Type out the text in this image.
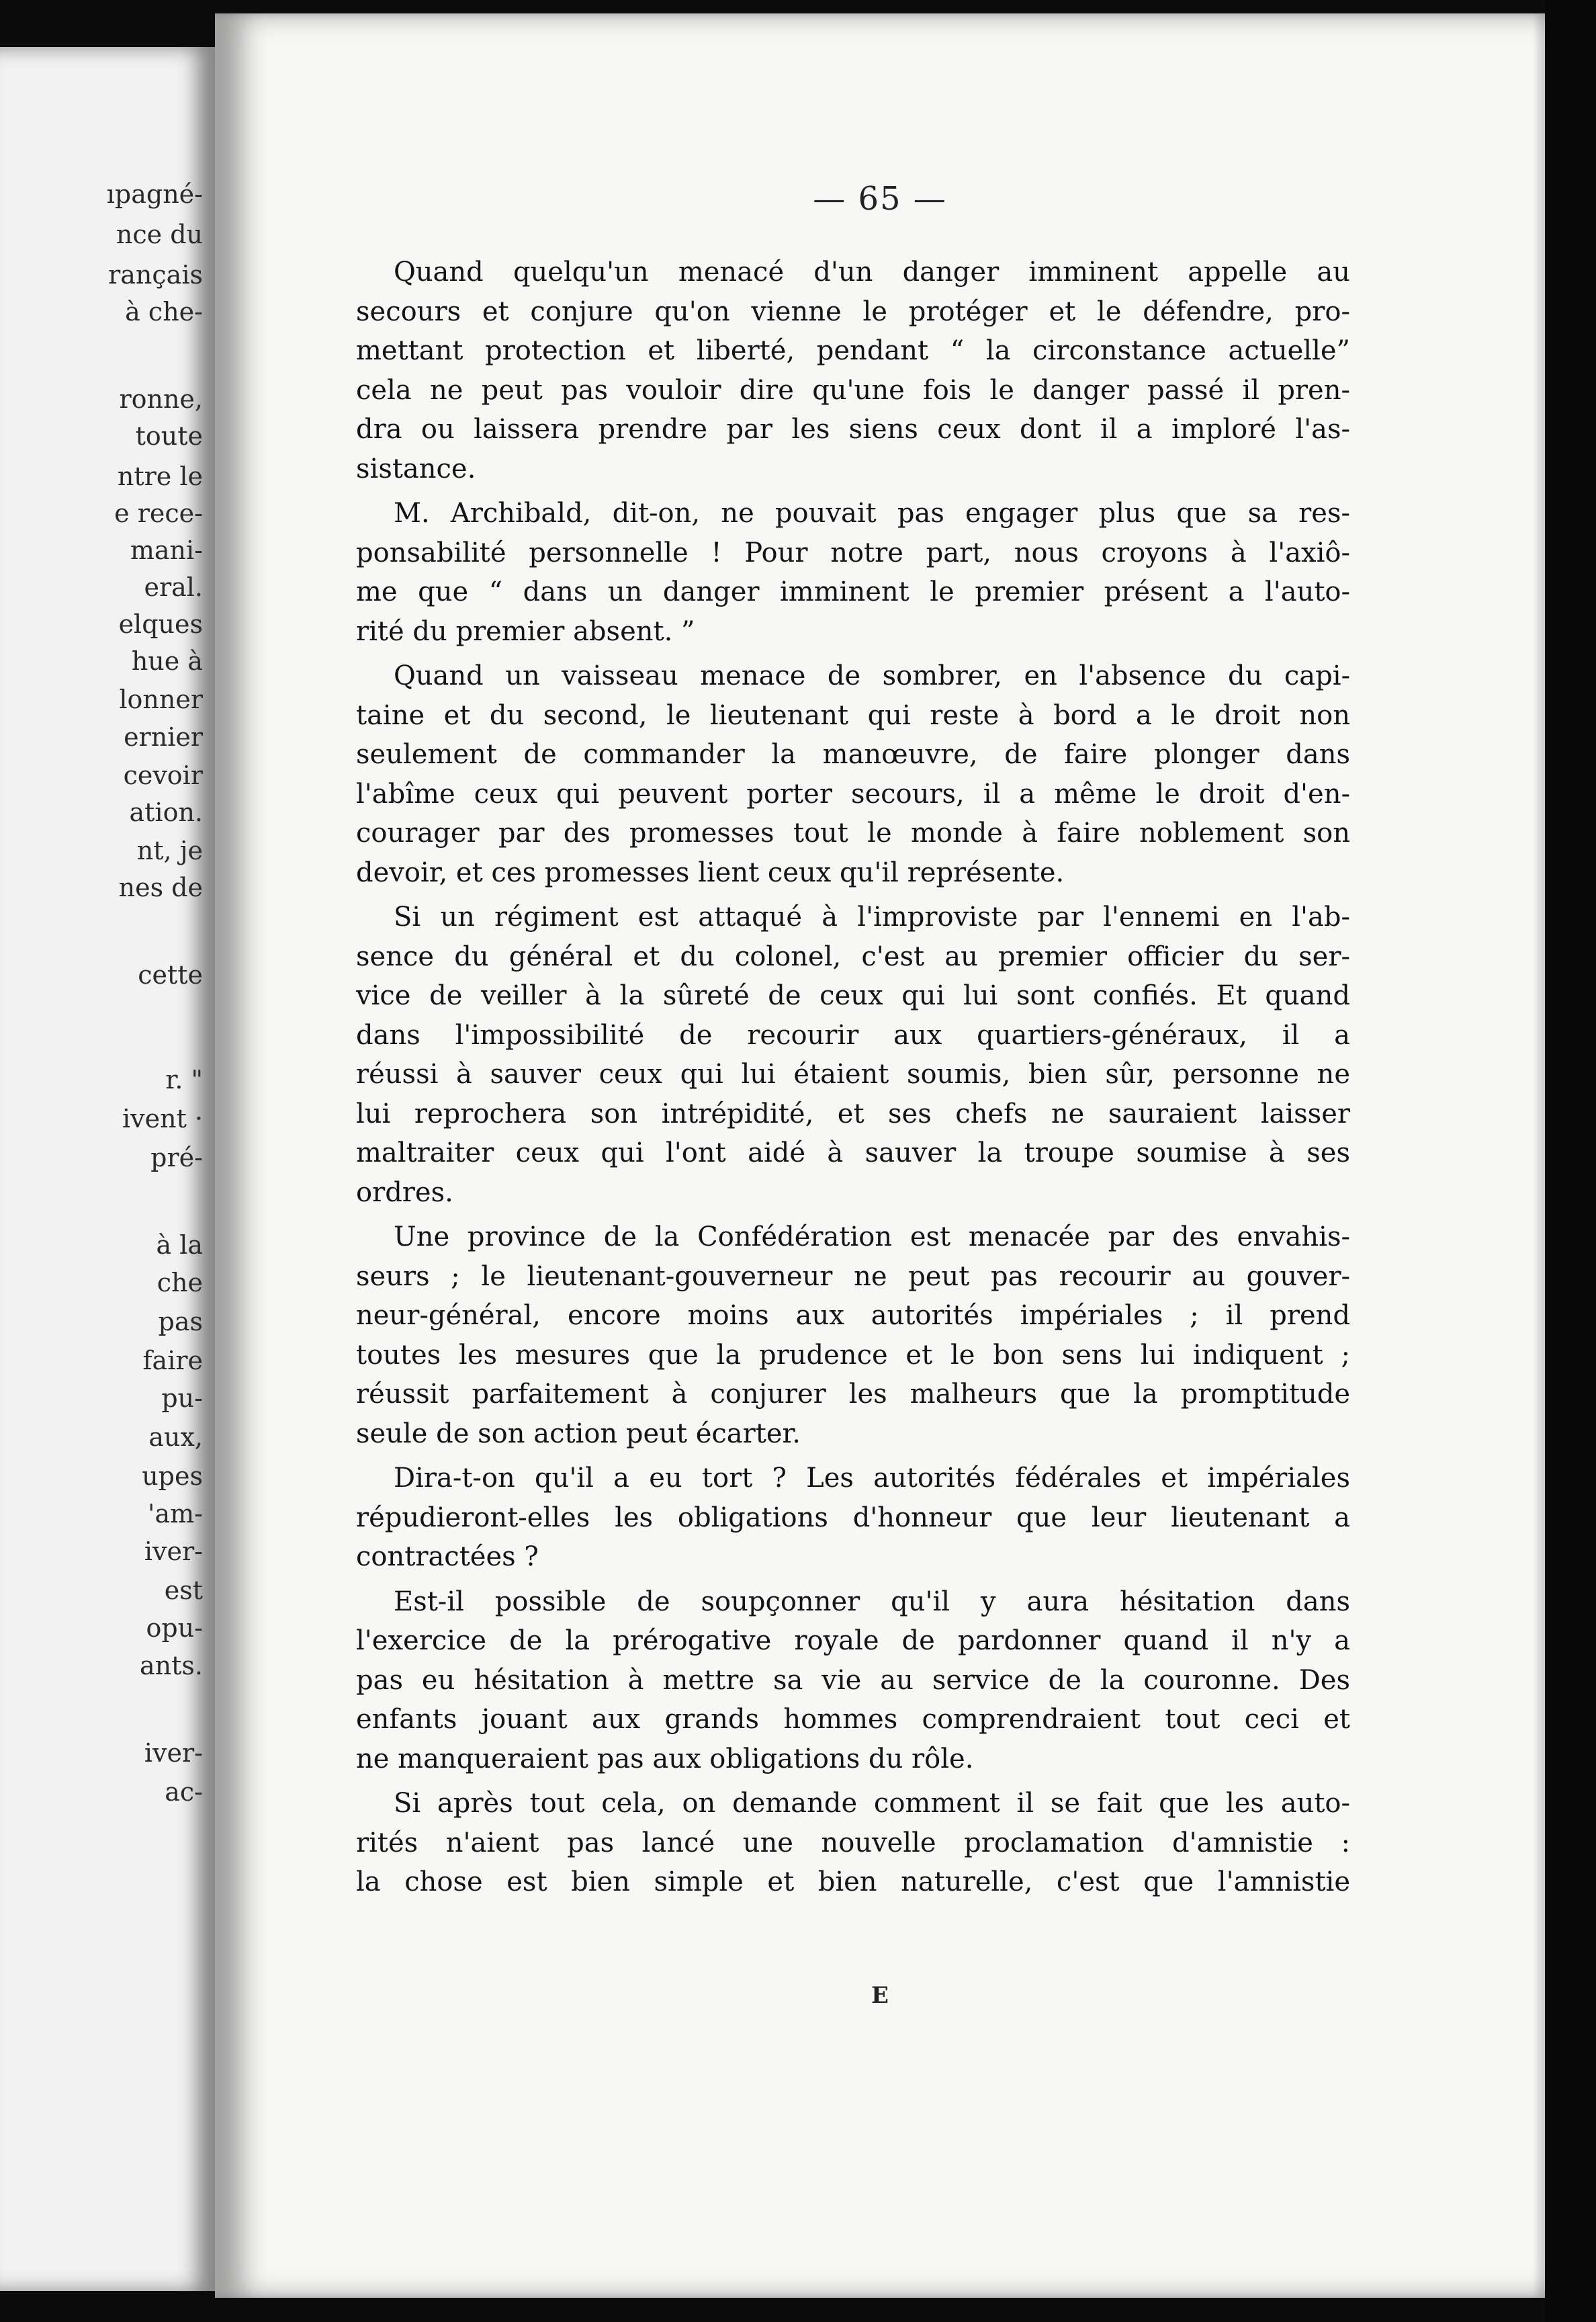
ıpagné-
nce du
rançais
à che-
ronne,
toute
ntre le
e rece-
mani-
eral.
elques
hue à
lonner
ernier
cevoir
ation.
nt, je
nes de
cette
r. "
ivent ·
pré-
à la
che
pas
faire
pu-
aux,
upes
'am-
iver-
est
opu-
ants.
iver-
ac-
— 65 —
Quand quelqu'un menacé d'un danger imminent appelle au
secours et conjure qu'on vienne le protéger et le défendre, pro-
mettant protection et liberté, pendant “ la circonstance actuelle”
cela ne peut pas vouloir dire qu'une fois le danger passé il pren-
dra ou laissera prendre par les siens ceux dont il a imploré l'as-
sistance.
M. Archibald, dit-on, ne pouvait pas engager plus que sa res-
ponsabilité personnelle ! Pour notre part, nous croyons à l'axiô-
me que “ dans un danger imminent le premier présent a l'auto-
rité du premier absent. ”
Quand un vaisseau menace de sombrer, en l'absence du capi-
taine et du second, le lieutenant qui reste à bord a le droit non
seulement de commander la manœuvre, de faire plonger dans
l'abîme ceux qui peuvent porter secours, il a même le droit d'en-
courager par des promesses tout le monde à faire noblement son
devoir, et ces promesses lient ceux qu'il représente.
Si un régiment est attaqué à l'improviste par l'ennemi en l'ab-
sence du général et du colonel, c'est au premier officier du ser-
vice de veiller à la sûreté de ceux qui lui sont confiés. Et quand
dans l'impossibilité de recourir aux quartiers-généraux, il a
réussi à sauver ceux qui lui étaient soumis, bien sûr, personne ne
lui reprochera son intrépidité, et ses chefs ne sauraient laisser
maltraiter ceux qui l'ont aidé à sauver la troupe soumise à ses
ordres.
Une province de la Confédération est menacée par des envahis-
seurs ; le lieutenant-gouverneur ne peut pas recourir au gouver-
neur-général, encore moins aux autorités impériales ; il prend
toutes les mesures que la prudence et le bon sens lui indiquent ;
réussit parfaitement à conjurer les malheurs que la promptitude
seule de son action peut écarter.
Dira-t-on qu'il a eu tort ? Les autorités fédérales et impériales
répudieront-elles les obligations d'honneur que leur lieutenant a
contractées ?
Est-il possible de soupçonner qu'il y aura hésitation dans
l'exercice de la prérogative royale de pardonner quand il n'y a
pas eu hésitation à mettre sa vie au service de la couronne. Des
enfants jouant aux grands hommes comprendraient tout ceci et
ne manqueraient pas aux obligations du rôle.
Si après tout cela, on demande comment il se fait que les auto-
rités n'aient pas lancé une nouvelle proclamation d'amnistie :
la chose est bien simple et bien naturelle, c'est que l'amnistie
E
